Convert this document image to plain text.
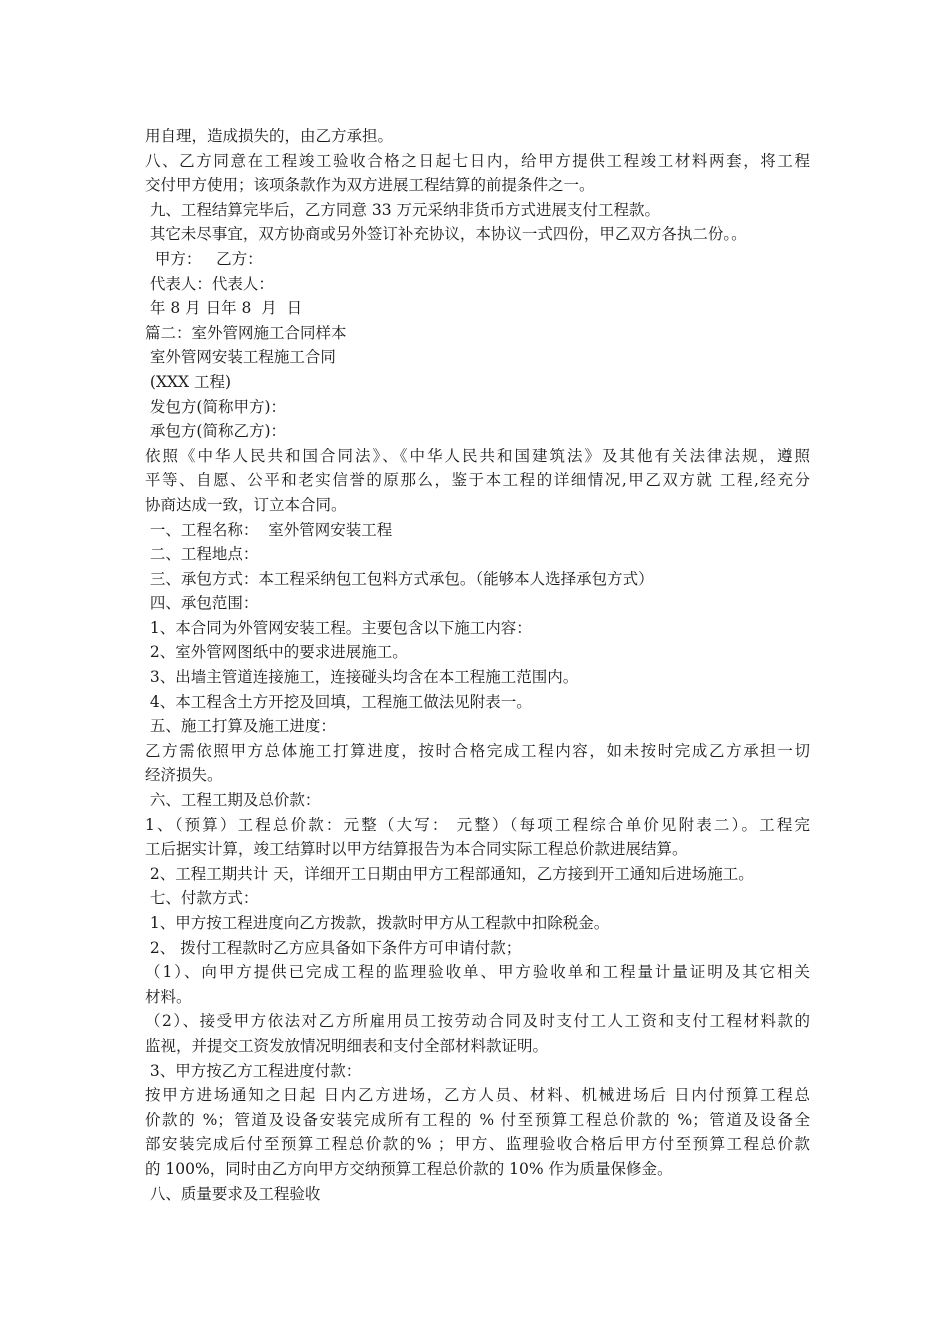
用自理，造成损失的，由乙方承担。
八、乙方同意在工程竣工验收合格之日起七日内，给甲方提供工程竣工材料两套，将工程
交付甲方使用；该项条款作为双方进展工程结算的前提条件之一。
九、工程结算完毕后，乙方同意 33 万元采纳非货币方式进展支付工程款。
其它未尽事宜，双方协商或另外签订补充协议，本协议一式四份，甲乙双方各执二份。。
甲方：   乙方：
代表人：代表人：
年 8 月 日年 8  月  日
篇二：室外管网施工合同样本
室外管网安装工程施工合同
(XXX 工程)
发包方(简称甲方)：
承包方(简称乙方)：
依照《中华人民共和国合同法》、《中华人民共和国建筑法》及其他有关法律法规，遵照
平等、自愿、公平和老实信誉的原那么，鉴于本工程的详细情况,甲乙双方就 工程,经充分
协商达成一致，订立本合同。
一、工程名称：  室外管网安装工程
二、工程地点：
三、承包方式：本工程采纳包工包料方式承包。（能够本人选择承包方式）
四、承包范围：
1、本合同为外管网安装工程。主要包含以下施工内容：
2、室外管网图纸中的要求进展施工。
3、出墙主管道连接施工，连接碰头均含在本工程施工范围内。
4、本工程含土方开挖及回填，工程施工做法见附表一。
五、施工打算及施工进度：
乙方需依照甲方总体施工打算进度，按时合格完成工程内容，如未按时完成乙方承担一切
经济损失。
六、工程工期及总价款：
1、（预算）工程总价款：元整（大写： 元整）（每项工程综合单价见附表二）。工程完
工后据实计算，竣工结算时以甲方结算报告为本合同实际工程总价款进展结算。
2、工程工期共计 天，详细开工日期由甲方工程部通知，乙方接到开工通知后进场施工。
七、付款方式：
1、甲方按工程进度向乙方拨款，拨款时甲方从工程款中扣除税金。
2、 拨付工程款时乙方应具备如下条件方可申请付款；
（1）、向甲方提供已完成工程的监理验收单、甲方验收单和工程量计量证明及其它相关
材料。
（2）、接受甲方依法对乙方所雇用员工按劳动合同及时支付工人工资和支付工程材料款的
监视，并提交工资发放情况明细表和支付全部材料款证明。
3、甲方按乙方工程进度付款：
按甲方进场通知之日起 日内乙方进场，乙方人员、材料、机械进场后 日内付预算工程总
价款的 %；管道及设备安装完成所有工程的 % 付至预算工程总价款的 %；管道及设备全
部安装完成后付至预算工程总价款的% ；甲方、监理验收合格后甲方付至预算工程总价款
的 100%，同时由乙方向甲方交纳预算工程总价款的 10% 作为质量保修金。
八、质量要求及工程验收
